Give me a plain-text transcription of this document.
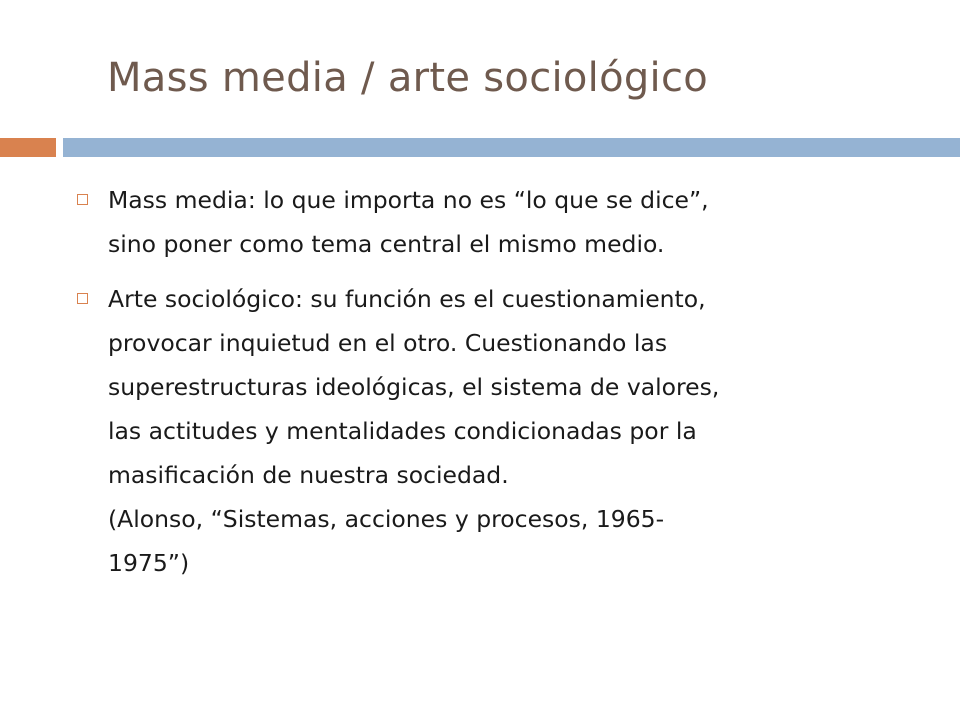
Mass media / arte sociológico
Mass media: lo que importa no es “lo que se dice”,
sino poner como tema central el mismo medio.
Arte sociológico: su función es el cuestionamiento,
provocar inquietud en el otro. Cuestionando las
superestructuras ideológicas, el sistema de valores,
las actitudes y mentalidades condicionadas por la
masificación de nuestra sociedad.
(Alonso, “Sistemas, acciones y procesos, 1965-
1975”)
